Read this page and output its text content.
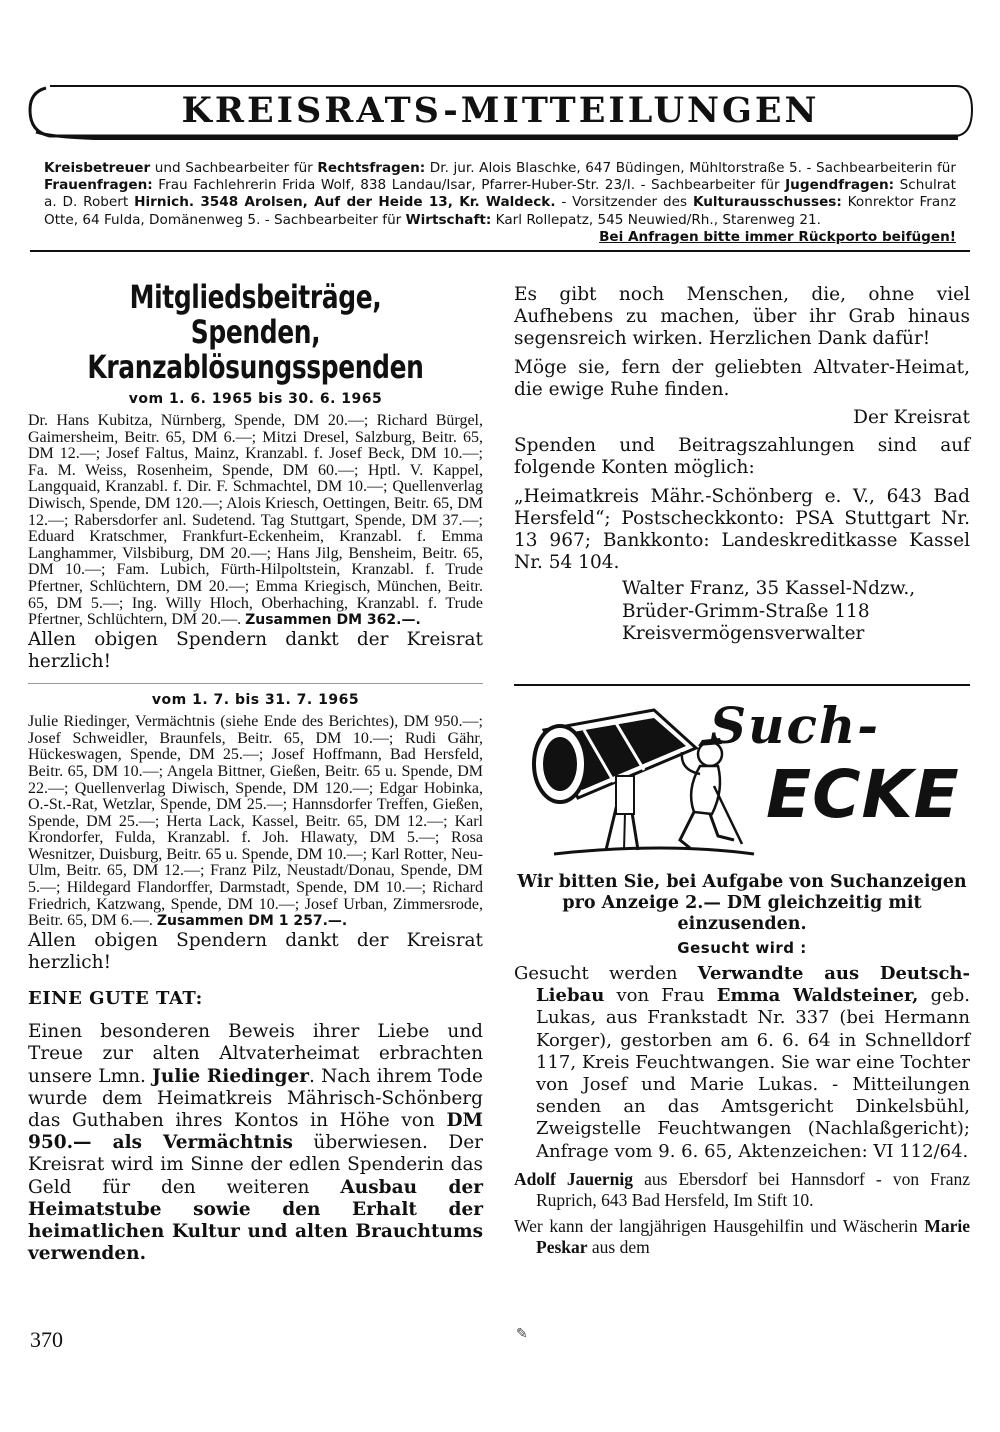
KREISRATS-MITTEILUNGEN
Kreisbetreuer und Sachbearbeiter für Rechtsfragen: Dr. jur. Alois Blaschke, 647 Büdingen, Mühltorstraße 5. - Sachbearbeiterin für Frauenfragen: Frau Fachlehrerin Frida Wolf, 838 Landau/Isar, Pfarrer-Huber-Str. 23/I. - Sachbearbeiter für Jugendfragen: Schulrat a. D. Robert Hirnich. 3548 Arolsen, Auf der Heide 13, Kr. Waldeck. - Vorsitzender des Kulturausschusses: Konrektor Franz Otte, 64 Fulda, Domänenweg 5. - Sachbearbeiter für Wirtschaft: Karl Rollepatz, 545 Neuwied/Rh., Starenweg 21.
Bei Anfragen bitte immer Rückporto beifügen!
Mitgliedsbeiträge, Spenden,
Kranzablösungsspenden
vom 1. 6. 1965 bis 30. 6. 1965

Dr. Hans Kubitza, Nürnberg, Spende, DM 20.—; Richard Bürgel, Gaimersheim, Beitr. 65, DM 6.—; Mitzi Dresel, Salzburg, Beitr. 65, DM 12.—; Josef Faltus, Mainz, Kranzabl. f. Josef Beck, DM 10.—; Fa. M. Weiss, Rosenheim, Spende, DM 60.—; Hptl. V. Kappel, Langquaid, Kranzabl. f. Dir. F. Schmachtel, DM 10.—; Quellenverlag Diwisch, Spende, DM 120.—; Alois Kriesch, Oettingen, Beitr. 65, DM 12.—; Rabersdorfer anl. Sudetend. Tag Stuttgart, Spende, DM 37.—; Eduard Kratschmer, Frankfurt-Eckenheim, Kranzabl. f. Emma Langhammer, Vilsbiburg, DM 20.—; Hans Jilg, Bensheim, Beitr. 65, DM 10.—; Fam. Lubich, Fürth-Hilpoltstein, Kranzabl. f. Trude Pfertner, Schlüchtern, DM 20.—; Emma Kriegisch, München, Beitr. 65, DM 5.—; Ing. Willy Hloch, Oberhaching, Kranzabl. f. Trude Pfertner, Schlüchtern, DM 20.—. Zusammen DM 362.—.

Allen obigen Spendern dankt der Kreisrat herzlich!

vom 1. 7. bis 31. 7. 1965

Julie Riedinger, Vermächtnis (siehe Ende des Berichtes), DM 950.—; Josef Schweidler, Braunfels, Beitr. 65, DM 10.—; Rudi Gähr, Hückeswagen, Spende, DM 25.—; Josef Hoffmann, Bad Hersfeld, Beitr. 65, DM 10.—; Angela Bittner, Gießen, Beitr. 65 u. Spende, DM 22.—; Quellenverlag Diwisch, Spende, DM 120.—; Edgar Hobinka, O.-St.-Rat, Wetzlar, Spende, DM 25.—; Hannsdorfer Treffen, Gießen, Spende, DM 25.—; Herta Lack, Kassel, Beitr. 65, DM 12.—; Karl Krondorfer, Fulda, Kranzabl. f. Joh. Hlawaty, DM 5.—; Rosa Wesnitzer, Duisburg, Beitr. 65 u. Spende, DM 10.—; Karl Rotter, Neu-Ulm, Beitr. 65, DM 12.—; Franz Pilz, Neustadt/Donau, Spende, DM 5.—; Hildegard Flandorffer, Darmstadt, Spende, DM 10.—; Richard Friedrich, Katzwang, Spende, DM 10.—; Josef Urban, Zimmersrode, Beitr. 65, DM 6.—. Zusammen DM 1 257.—.

Allen obigen Spendern dankt der Kreisrat herzlich!

EINE GUTE TAT:

Einen besonderen Beweis ihrer Liebe und Treue zur alten Altvaterheimat erbrachten unsere Lmn. Julie Riedinger. Nach ihrem Tode wurde dem Heimatkreis Mährisch-Schönberg das Guthaben ihres Kontos in Höhe von DM 950.— als Vermächtnis überwiesen. Der Kreisrat wird im Sinne der edlen Spenderin das Geld für den weiteren Ausbau der Heimatstube sowie den Erhalt der heimatlichen Kultur und alten Brauchtums verwenden.

Es gibt noch Menschen, die, ohne viel Aufhebens zu machen, über ihr Grab hinaus segensreich wirken. Herzlichen Dank dafür!

Möge sie, fern der geliebten Altvater-Heimat, die ewige Ruhe finden.

Der Kreisrat

Spenden und Beitragszahlungen sind auf folgende Konten möglich:

„Heimatkreis Mähr.-Schönberg e. V., 643 Bad Hersfeld“; Postscheckkonto: PSA Stuttgart Nr. 13 967; Bankkonto: Landeskreditkasse Kassel Nr. 54 104.

Walter Franz, 35 Kassel-Ndzw.,

Brüder-Grimm-Straße 118

Kreisvermögensverwalter

Such-
ECKE

Wir bitten Sie, bei Aufgabe von Suchanzeigen pro Anzeige 2.— DM gleichzeitig mit einzusenden.

Gesucht wird :

Gesucht werden Verwandte aus Deutsch-Liebau von Frau Emma Waldsteiner, geb. Lukas, aus Frankstadt Nr. 337 (bei Hermann Korger), gestorben am 6. 6. 64 in Schnelldorf 117, Kreis Feuchtwangen. Sie war eine Tochter von Josef und Marie Lukas. - Mitteilungen senden an das Amtsgericht Dinkelsbühl, Zweigstelle Feuchtwangen (Nachlaßgericht); Anfrage vom 9. 6. 65, Aktenzeichen: VI 112/64.

Adolf Jauernig aus Ebersdorf bei Hannsdorf - von Franz Ruprich, 643 Bad Hersfeld, Im Stift 10.

Wer kann der langjährigen Hausgehilfin und Wäscherin Marie Peskar aus dem

370	✎
